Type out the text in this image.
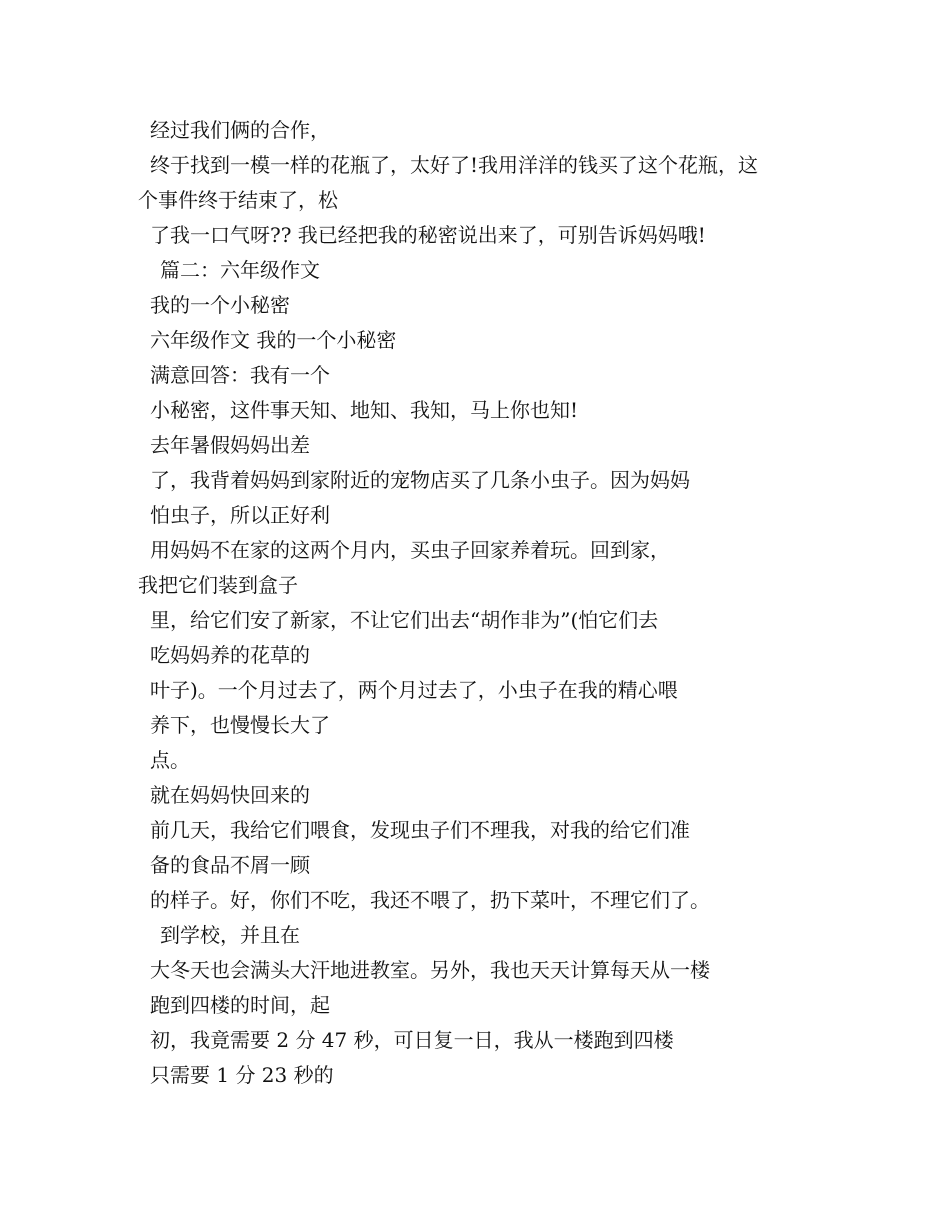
经过我们俩的合作，
终于找到一模一样的花瓶了，太好了!我用洋洋的钱买了这个花瓶，这
个事件终于结束了，松
了我一口气呀?? 我已经把我的秘密说出来了，可别告诉妈妈哦!
篇二：六年级作文
我的一个小秘密
六年级作文 我的一个小秘密
满意回答：我有一个
小秘密，这件事天知、地知、我知，马上你也知!
去年暑假妈妈出差
了，我背着妈妈到家附近的宠物店买了几条小虫子。因为妈妈
怕虫子，所以正好利
用妈妈不在家的这两个月内，买虫子回家养着玩。回到家，
我把它们装到盒子
里，给它们安了新家，不让它们出去“胡作非为”(怕它们去
吃妈妈养的花草的
叶子)。一个月过去了，两个月过去了，小虫子在我的精心喂
养下，也慢慢长大了
点。
就在妈妈快回来的
前几天，我给它们喂食，发现虫子们不理我，对我的给它们准
备的食品不屑一顾
的样子。好，你们不吃，我还不喂了，扔下菜叶，不理它们了。
到学校，并且在
大冬天也会满头大汗地进教室。另外，我也天天计算每天从一楼
跑到四楼的时间，起
初，我竟需要 2 分 47 秒，可日复一日，我从一楼跑到四楼
只需要 1 分 23 秒的
